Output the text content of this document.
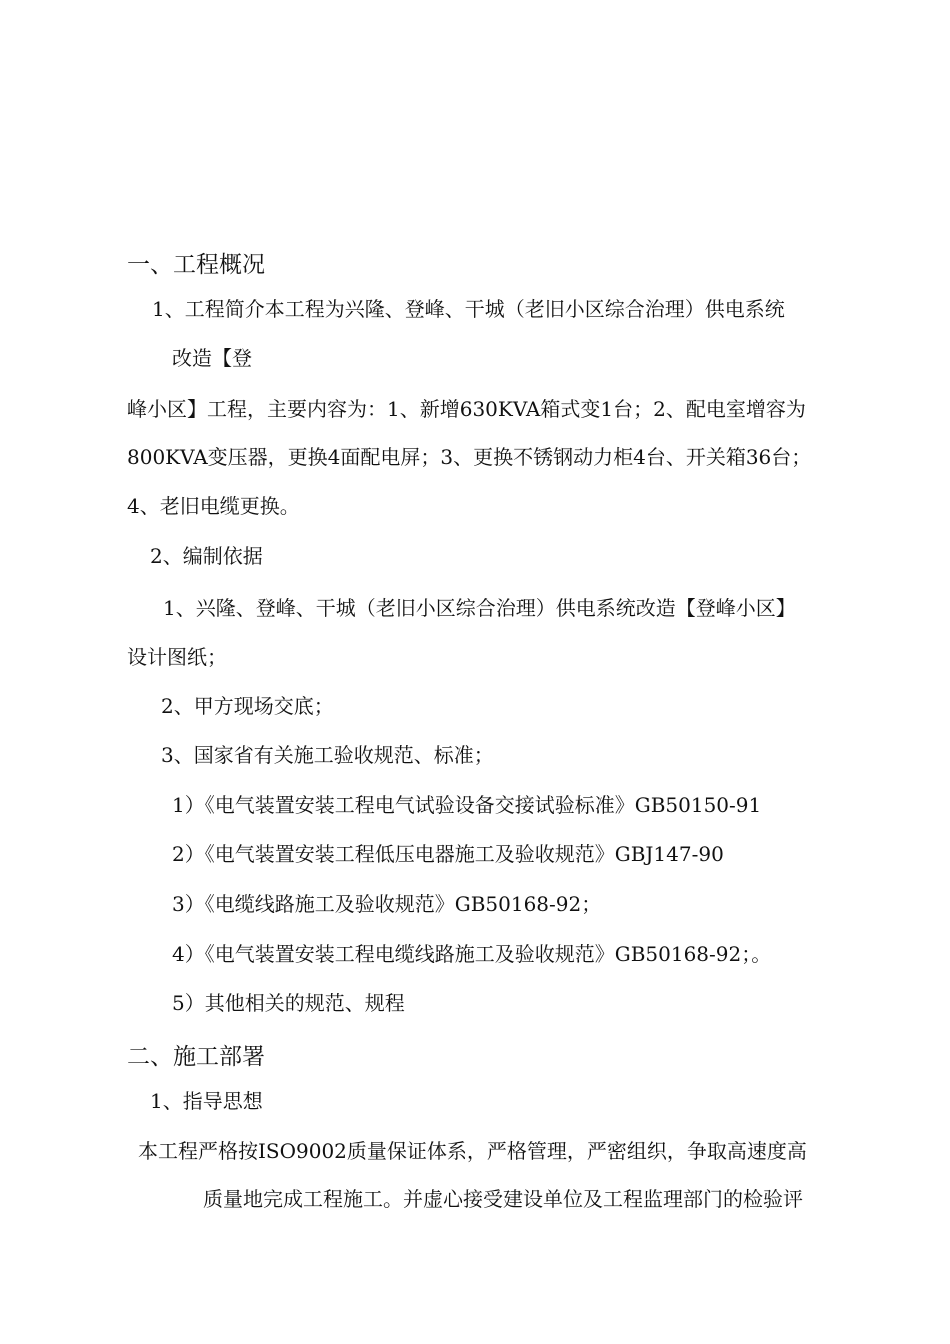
一、工程概况
1、工程简介本工程为兴隆、登峰、干城（老旧小区综合治理）供电系统
改造【登
峰小区】工程，主要内容为：1、新增630KVA箱式变1台；2、配电室增容为
800KVA变压器，更换4面配电屏；3、更换不锈钢动力柜4台、开关箱36台；
4、老旧电缆更换。
2、编制依据
1、兴隆、登峰、干城（老旧小区综合治理）供电系统改造【登峰小区】
设计图纸；
2、甲方现场交底；
3、国家省有关施工验收规范、标准；
1）《电气装置安装工程电气试验设备交接试验标准》GB50150-91
2）《电气装置安装工程低压电器施工及验收规范》GBJ147-90
3）《电缆线路施工及验收规范》GB50168-92；
4）《电气装置安装工程电缆线路施工及验收规范》GB50168-92；。
5）其他相关的规范、规程
二、施工部署
1、指导思想
本工程严格按ISO9002质量保证体系，严格管理，严密组织，争取高速度高
质量地完成工程施工。并虚心接受建设单位及工程监理部门的检验评
